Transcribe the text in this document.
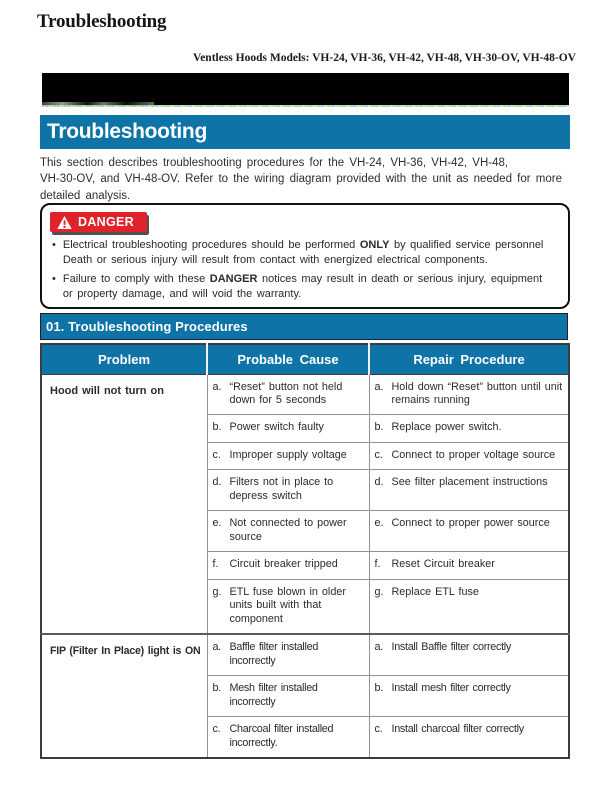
Troubleshooting
Ventless Hoods Models: VH-24, VH-36, VH-42, VH-48, VH-30-OV, VH-48-OV
Troubleshooting
This section describes troubleshooting procedures for the VH-24, VH-36, VH-42, VH-48,
VH-30-OV, and VH-48-OV. Refer to the wiring diagram provided with the unit as needed for more
detailed analysis.
DANGER
• Electrical troubleshooting procedures should be performed ONLY by qualified service personnel
Death or serious injury will result from contact with energized electrical components.
• Failure to comply with these DANGER notices may result in death or serious injury, equipment
or property damage, and will void the warranty.
01. Troubleshooting Procedures
Problem	Probable Cause	Repair Procedure
Hood will not turn on	a. “Reset” button not held down for 5 seconds	a. Hold down “Reset” button until unit remains running

	b. Power switch faulty	b. Replace power switch.

	c. Improper supply voltage	c. Connect to proper voltage source

	d. Filters not in place to depress switch	d. See filter placement instructions

	e. Not connected to power source	e. Connect to proper power source

	f. Circuit breaker tripped	f. Reset Circuit breaker

	g. ETL fuse blown in older units built with that component	g. Replace ETL fuse

FIP (Filter In Place) light is ON	a. Baffle filter installed incorrectly	a. Install Baffle filter correctly

	b. Mesh filter installed incorrectly	b. Install mesh filter correctly

	c. Charcoal filter installed incorrectly.	c. Install charcoal filter correctly
